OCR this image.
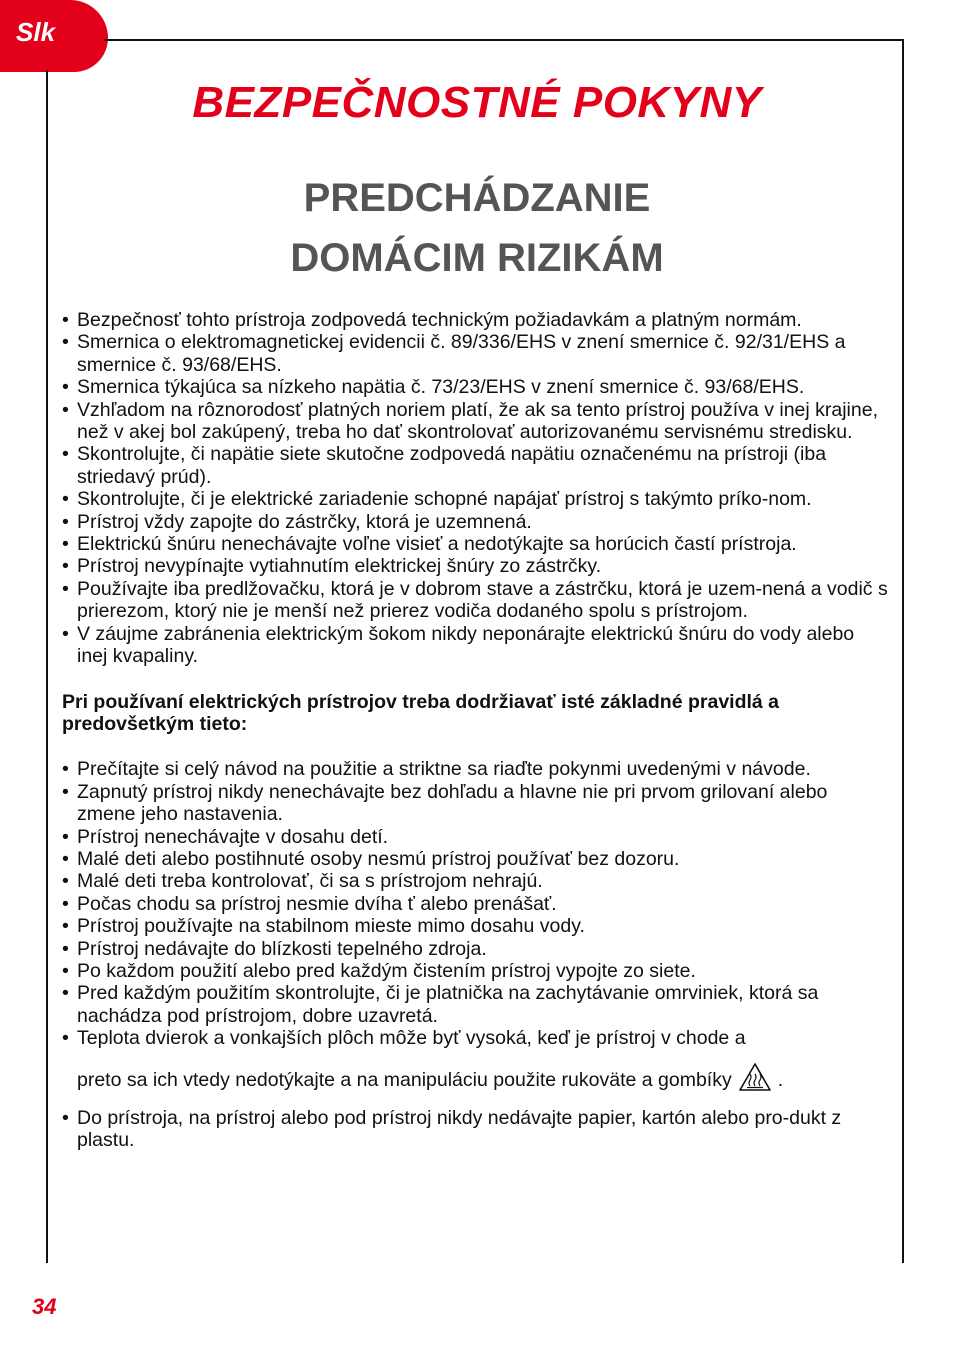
Slk
BEZPEČNOSTNÉ POKYNY
PREDCHÁDZANIE
DOMÁCIM RIZIKÁM
• Bezpečnosť tohto prístroja zodpovedá technickým požiadavkám a platným normám.
• Smernica o elektromagnetickej evidencii č. 89/336/EHS v znení smernice č. 92/31/EHS a smernice č. 93/68/EHS.
• Smernica týkajúca sa nízkeho napätia č. 73/23/EHS v znení smernice č. 93/68/EHS.
• Vzhľadom na rôznorodosť platných noriem platí, že ak sa tento prístroj používa v inej krajine, než v akej bol zakúpený, treba ho dať skontrolovať autorizovanému servisnému stredisku.
• Skontrolujte, či napätie siete skutočne zodpovedá napätiu označenému na prístroji (iba striedavý prúd).
• Skontrolujte, či je elektrické zariadenie schopné napájať prístroj s takýmto príko-nom.
• Prístroj vždy zapojte do zástrčky, ktorá je uzemnená.
• Elektrickú šnúru nenechávajte voľne visieť a nedotýkajte sa horúcich častí prístroja.
• Prístroj nevypínajte vytiahnutím elektrickej šnúry zo zástrčky.
• Používajte iba predlžovačku, ktorá je v dobrom stave a zástrčku, ktorá je uzem-nená a vodič s prierezom, ktorý nie je menší než prierez vodiča dodaného spolu s prístrojom.
• V záujme zabránenia elektrickým šokom nikdy neponárajte elektrickú šnúru do vody alebo inej kvapaliny.
Pri používaní elektrických prístrojov treba dodržiavať isté základné pravidlá a predovšetkým tieto:
• Prečítajte si celý návod na použitie a striktne sa riaďte pokynmi uvedenými v návode.
• Zapnutý prístroj nikdy nenechávajte bez dohľadu a hlavne nie pri prvom grilovaní alebo zmene jeho nastavenia.
• Prístroj nenechávajte v dosahu detí.
• Malé deti alebo postihnuté osoby nesmú prístroj používať bez dozoru.
• Malé deti treba kontrolovať, či sa s prístrojom nehrajú.
• Počas chodu sa prístroj nesmie dvíha ť alebo prenášať.
• Prístroj používajte na stabilnom mieste mimo dosahu vody.
• Prístroj nedávajte do blízkosti tepelného zdroja.
• Po každom použití alebo pred každým čistením prístroj vypojte zo siete.
• Pred každým použitím skontrolujte, či je platnička na zachytávanie omrviniek, ktorá sa nachádza pod prístrojom, dobre uzavretá.
• Teplota dvierok a vonkajších plôch môže byť vysoká, keď je prístroj v chode a
preto sa ich vtedy nedotýkajte a na manipuláciu použite rukoväte a gombíky .
• Do prístroja, na prístroj alebo pod prístroj nikdy nedávajte papier, kartón alebo pro-dukt z plastu.
34
